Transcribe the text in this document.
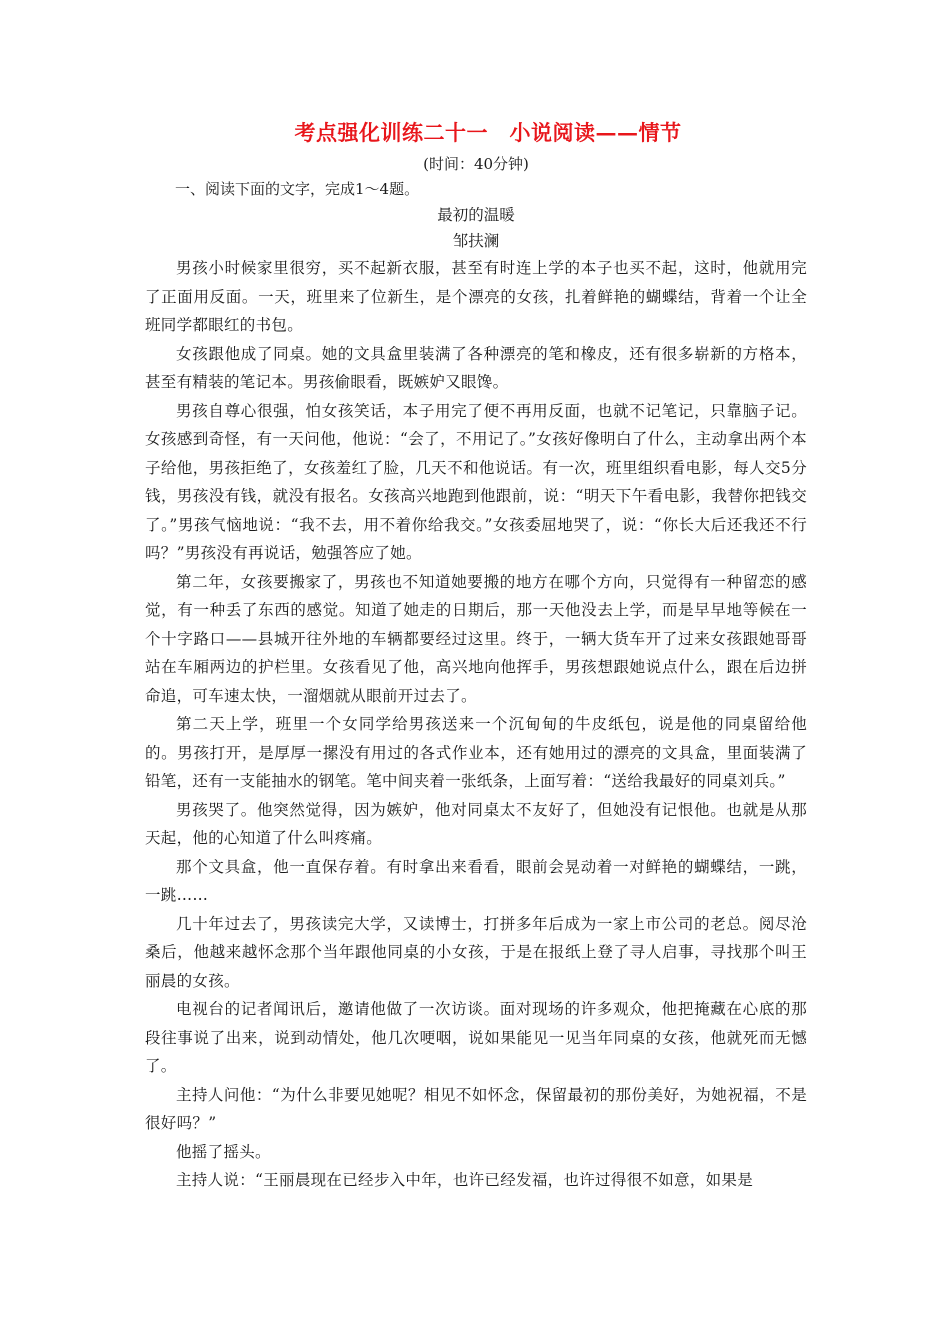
考点强化训练二十一　小说阅读——情节

(时间：40分钟)

一、阅读下面的文字，完成1～4题。

最初的温暖

邹扶澜

男孩小时候家里很穷，买不起新衣服，甚至有时连上学的本子也买不起，这时，他就用完了正面用反面。一天，班里来了位新生，是个漂亮的女孩，扎着鲜艳的蝴蝶结，背着一个让全班同学都眼红的书包。

女孩跟他成了同桌。她的文具盒里装满了各种漂亮的笔和橡皮，还有很多崭新的方格本，甚至有精装的笔记本。男孩偷眼看，既嫉妒又眼馋。

男孩自尊心很强，怕女孩笑话，本子用完了便不再用反面，也就不记笔记，只靠脑子记。女孩感到奇怪，有一天问他，他说：“会了，不用记了。”女孩好像明白了什么，主动拿出两个本子给他，男孩拒绝了，女孩羞红了脸，几天不和他说话。有一次，班里组织看电影，每人交5分钱，男孩没有钱，就没有报名。女孩高兴地跑到他跟前，说：“明天下午看电影，我替你把钱交了。”男孩气恼地说：“我不去，用不着你给我交。”女孩委屈地哭了，说：“你长大后还我还不行吗？”男孩没有再说话，勉强答应了她。

第二年，女孩要搬家了，男孩也不知道她要搬的地方在哪个方向，只觉得有一种留恋的感觉，有一种丢了东西的感觉。知道了她走的日期后，那一天他没去上学，而是早早地等候在一个十字路口——县城开往外地的车辆都要经过这里。终于，一辆大货车开了过来女孩跟她哥哥站在车厢两边的护栏里。女孩看见了他，高兴地向他挥手，男孩想跟她说点什么，跟在后边拼命追，可车速太快，一溜烟就从眼前开过去了。

第二天上学，班里一个女同学给男孩送来一个沉甸甸的牛皮纸包，说是他的同桌留给他的。男孩打开，是厚厚一摞没有用过的各式作业本，还有她用过的漂亮的文具盒，里面装满了铅笔，还有一支能抽水的钢笔。笔中间夹着一张纸条，上面写着：“送给我最好的同桌刘兵。”

男孩哭了。他突然觉得，因为嫉妒，他对同桌太不友好了，但她没有记恨他。也就是从那天起，他的心知道了什么叫疼痛。

那个文具盒，他一直保存着。有时拿出来看看，眼前会晃动着一对鲜艳的蝴蝶结，一跳，一跳……

几十年过去了，男孩读完大学，又读博士，打拼多年后成为一家上市公司的老总。阅尽沧桑后，他越来越怀念那个当年跟他同桌的小女孩，于是在报纸上登了寻人启事，寻找那个叫王丽晨的女孩。

电视台的记者闻讯后，邀请他做了一次访谈。面对现场的许多观众，他把掩藏在心底的那段往事说了出来，说到动情处，他几次哽咽，说如果能见一见当年同桌的女孩，他就死而无憾了。

主持人问他：“为什么非要见她呢？相见不如怀念，保留最初的那份美好，为她祝福，不是很好吗？”

他摇了摇头。

主持人说：“王丽晨现在已经步入中年，也许已经发福，也许过得很不如意，如果是
